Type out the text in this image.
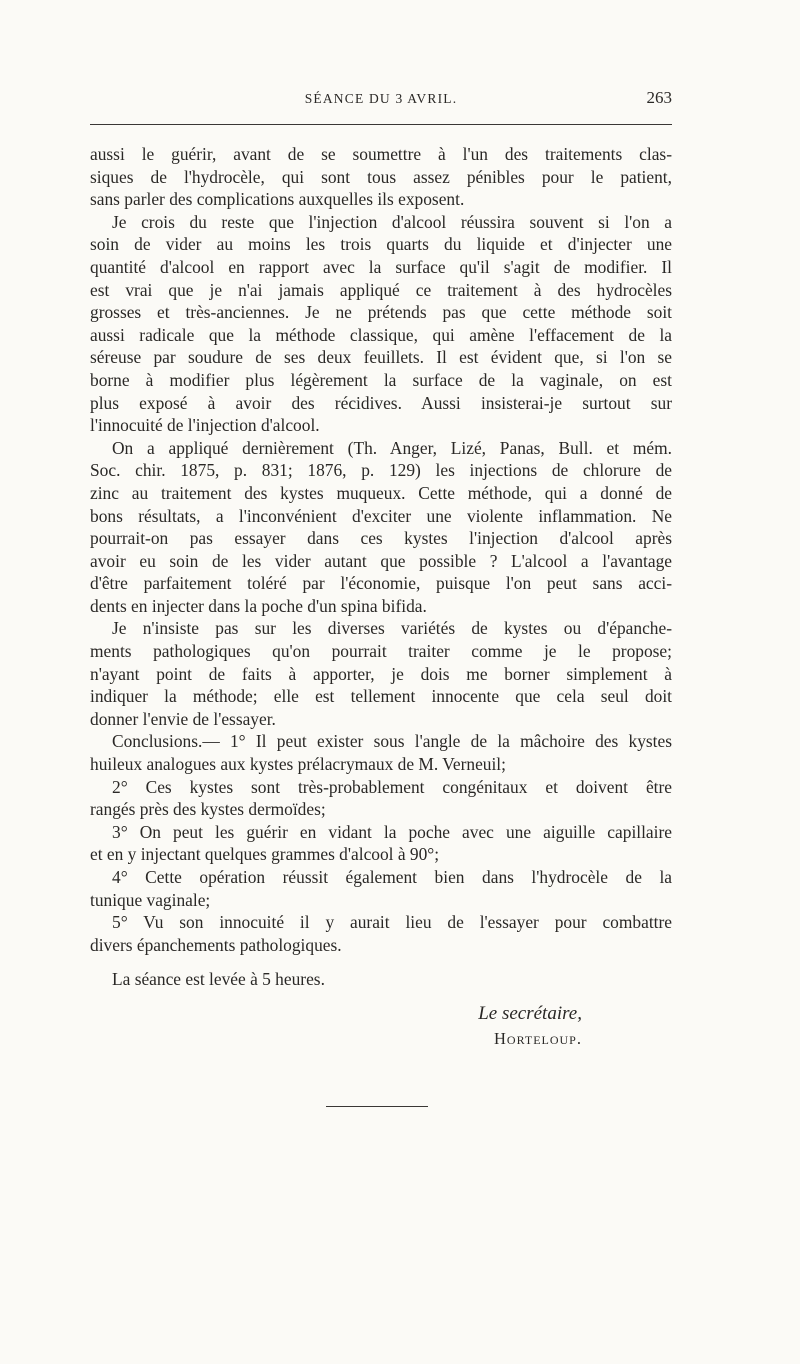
SÉANCE DU 3 AVRIL.	263
aussi le guérir, avant de se soumettre à l'un des traitements clas-
siques de l'hydrocèle, qui sont tous assez pénibles pour le patient,
sans parler des complications auxquelles ils exposent.
Je crois du reste que l'injection d'alcool réussira souvent si l'on a
soin de vider au moins les trois quarts du liquide et d'injecter une
quantité d'alcool en rapport avec la surface qu'il s'agit de modifier. Il
est vrai que je n'ai jamais appliqué ce traitement à des hydrocèles
grosses et très-anciennes. Je ne prétends pas que cette méthode soit
aussi radicale que la méthode classique, qui amène l'effacement de la
séreuse par soudure de ses deux feuillets. Il est évident que, si l'on se
borne à modifier plus légèrement la surface de la vaginale, on est
plus exposé à avoir des récidives. Aussi insisterai-je surtout sur
l'innocuité de l'injection d'alcool.
On a appliqué dernièrement (Th. Anger, Lizé, Panas, Bull. et mém.
Soc. chir. 1875, p. 831; 1876, p. 129) les injections de chlorure de
zinc au traitement des kystes muqueux. Cette méthode, qui a donné de
bons résultats, a l'inconvénient d'exciter une violente inflammation. Ne
pourrait-on pas essayer dans ces kystes l'injection d'alcool après
avoir eu soin de les vider autant que possible ? L'alcool a l'avantage
d'être parfaitement toléré par l'économie, puisque l'on peut sans acci-
dents en injecter dans la poche d'un spina bifida.
Je n'insiste pas sur les diverses variétés de kystes ou d'épanche-
ments pathologiques qu'on pourrait traiter comme je le propose;
n'ayant point de faits à apporter, je dois me borner simplement à
indiquer la méthode; elle est tellement innocente que cela seul doit
donner l'envie de l'essayer.
Conclusions.— 1° Il peut exister sous l'angle de la mâchoire des kystes
huileux analogues aux kystes prélacrymaux de M. Verneuil;
2° Ces kystes sont très-probablement congénitaux et doivent être
rangés près des kystes dermoïdes;
3° On peut les guérir en vidant la poche avec une aiguille capillaire
et en y injectant quelques grammes d'alcool à 90°;
4° Cette opération réussit également bien dans l'hydrocèle de la
tunique vaginale;
5° Vu son innocuité il y aurait lieu de l'essayer pour combattre
divers épanchements pathologiques.
La séance est levée à 5 heures.
Le secrétaire,
Horteloup.
